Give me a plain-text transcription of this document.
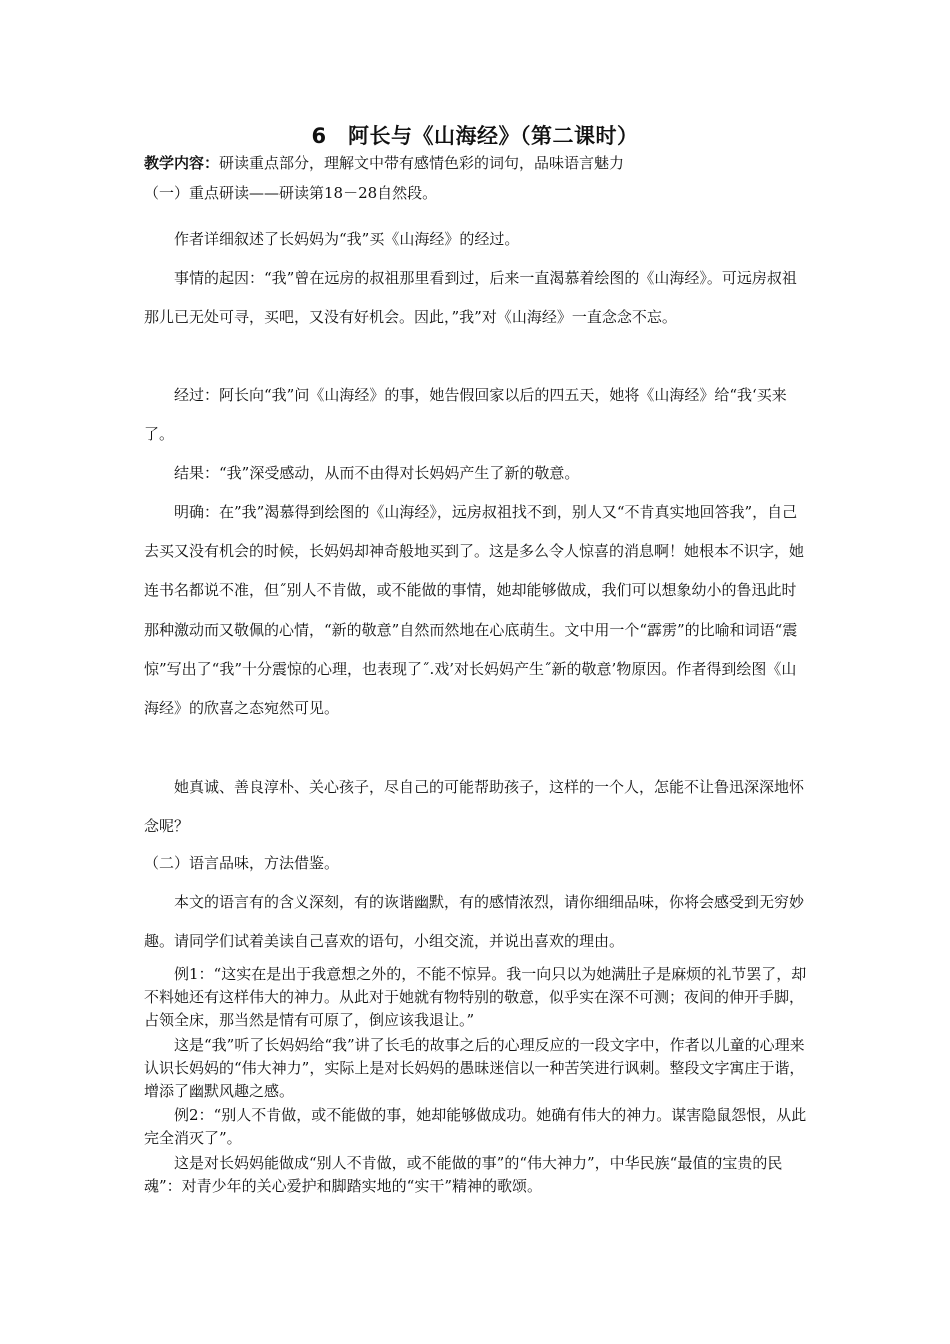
6　阿长与《山海经》（第二课时）
教学内容：研读重点部分，理解文中带有感情色彩的词句，品味语言魅力
（一）重点研读——研读第18－28自然段。
作者详细叙述了长妈妈为“我”买《山海经》的经过。
事情的起因：“我”曾在远房的叔祖那里看到过，后来一直渴慕着绘图的《山海经》。可远房叔祖那儿已无处可寻，买吧，又没有好机会。因此，”我”对《山海经》一直念念不忘。
经过：阿长向“我”问《山海经》的事，她告假回家以后的四五天，她将《山海经》给“我‘买来了。
结果：“我”深受感动，从而不由得对长妈妈产生了新的敬意。
明确：在”我”渴慕得到绘图的《山海经》，远房叔祖找不到，别人又“不肯真实地回答我”，自己去买又没有机会的时候，长妈妈却神奇般地买到了。这是多么令人惊喜的消息啊！她根本不识字，她连书名都说不准，但˝别人不肯做，或不能做的事情，她却能够做成，我们可以想象幼小的鲁迅此时那种激动而又敬佩的心情，“新的敬意”自然而然地在心底萌生。文中用一个“霹雳”的比喻和词语“震惊”写出了“我”十分震惊的心理，也表现了˝.戏’对长妈妈产生˝新的敬意’物原因。作者得到绘图《山海经》的欣喜之态宛然可见。
她真诚、善良淳朴、关心孩子，尽自己的可能帮助孩子，这样的一个人，怎能不让鲁迅深深地怀念呢？
（二）语言品味，方法借鉴。
本文的语言有的含义深刻，有的诙谐幽默，有的感情浓烈，请你细细品味，你将会感受到无穷妙趣。请同学们试着美读自己喜欢的语句，小组交流，并说出喜欢的理由。
例1：“这实在是出于我意想之外的，不能不惊异。我一向只以为她满肚子是麻烦的礼节罢了，却不料她还有这样伟大的神力。从此对于她就有物特别的敬意，似乎实在深不可测；夜间的伸开手脚，占领全床，那当然是情有可原了，倒应该我退让。”
这是“我”听了长妈妈给“我”讲了长毛的故事之后的心理反应的一段文字中，作者以儿童的心理来认识长妈妈的“伟大神力”，实际上是对长妈妈的愚昧迷信以一种苦笑进行讽刺。整段文字寓庄于谐，增添了幽默风趣之感。
例2：“别人不肯做，或不能做的事，她却能够做成功。她确有伟大的神力。谋害隐鼠怨恨，从此完全消灭了”。
这是对长妈妈能做成“别人不肯做，或不能做的事”的“伟大神力”，中华民族“最值的宝贵的民魂”：对青少年的关心爱护和脚踏实地的“实干”精神的歌颂。
